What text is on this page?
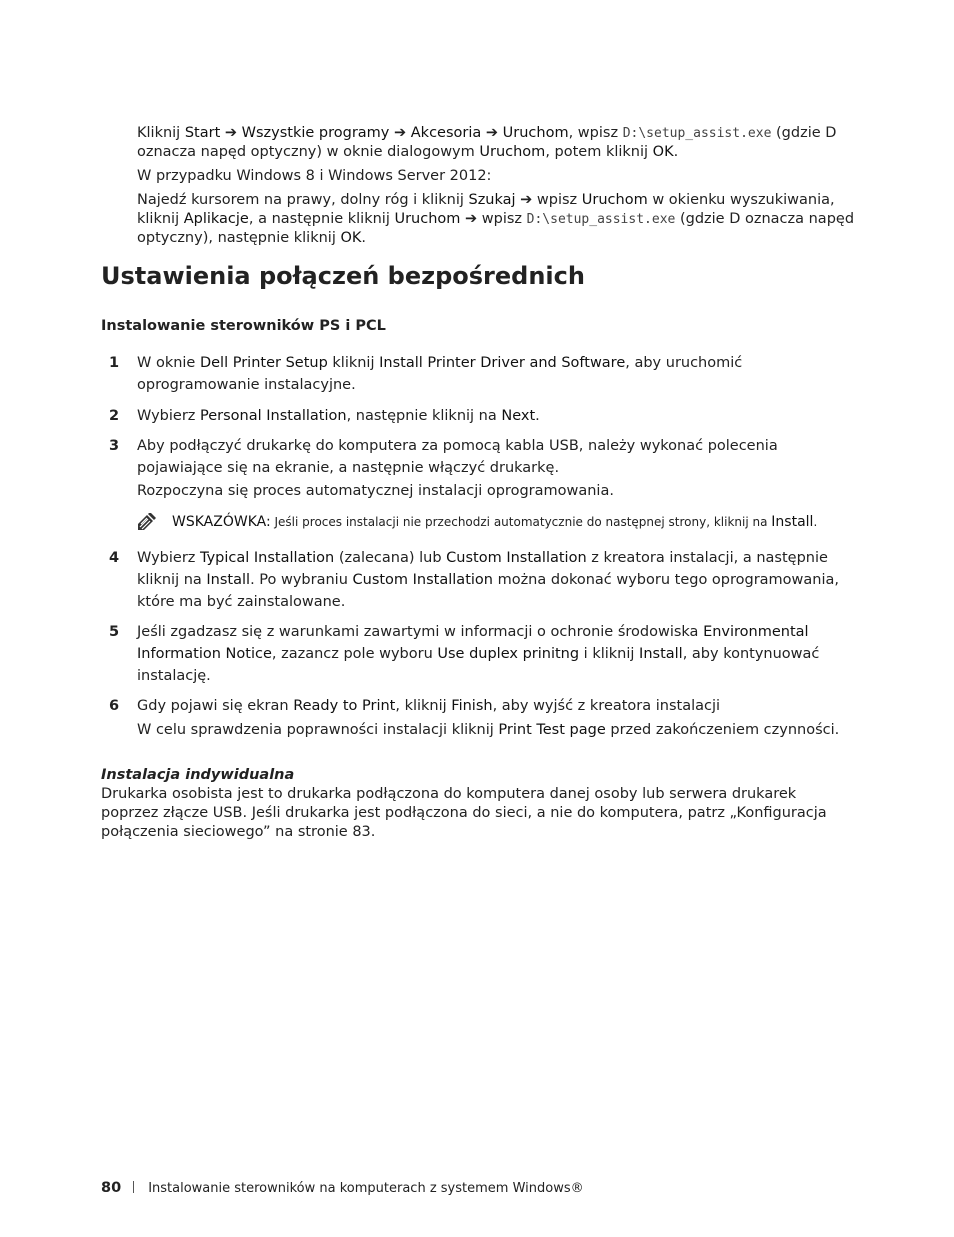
Kliknij Start ➔ Wszystkie programy ➔ Akcesoria ➔ Uruchom, wpisz D:\setup_assist.exe (gdzie D oznacza napęd optyczny) w oknie dialogowym Uruchom, potem kliknij OK.

W przypadku Windows 8 i Windows Server 2012:

Najedź kursorem na prawy, dolny róg i kliknij Szukaj ➔ wpisz Uruchom w okienku wyszukiwania, kliknij Aplikacje, a następnie kliknij Uruchom ➔ wpisz D:\setup_assist.exe (gdzie D oznacza napęd optyczny), następnie kliknij OK.

Ustawienia połączeń bezpośrednich
Instalowanie sterowników PS i PCL
1	W oknie Dell Printer Setup kliknij Install Printer Driver and Software, aby uruchomić oprogramowanie instalacyjne.

2	Wybierz Personal Installation, następnie kliknij na Next.

3	Aby podłączyć drukarkę do komputera za pomocą kabla USB, należy wykonać polecenia pojawiające się na ekranie, a następnie włączyć drukarkę.

Rozpoczyna się proces automatycznej instalacji oprogramowania.

WSKAZÓWKA: Jeśli proces instalacji nie przechodzi automatycznie do następnej strony, kliknij na Install.
4	Wybierz Typical Installation (zalecana) lub Custom Installation z kreatora instalacji, a następnie kliknij na Install. Po wybraniu Custom Installation można dokonać wyboru tego oprogramowania, które ma być zainstalowane.

5	Jeśli zgadzasz się z warunkami zawartymi w informacji o ochronie środowiska Environmental Information Notice, zazancz pole wyboru Use duplex prinitng i kliknij Install, aby kontynuować instalację.

6	Gdy pojawi się ekran Ready to Print, kliknij Finish, aby wyjść z kreatora instalacji

W celu sprawdzenia poprawności instalacji kliknij Print Test page przed zakończeniem czynności.

Instalacja indywidualna
Drukarka osobista jest to drukarka podłączona do komputera danej osoby lub serwera drukarek poprzez złącze USB. Jeśli drukarka jest podłączona do sieci, a nie do komputera, patrz „Konfiguracja połączenia sieciowego” na stronie 83.
80 Instalowanie sterowników na komputerach z systemem Windows®
